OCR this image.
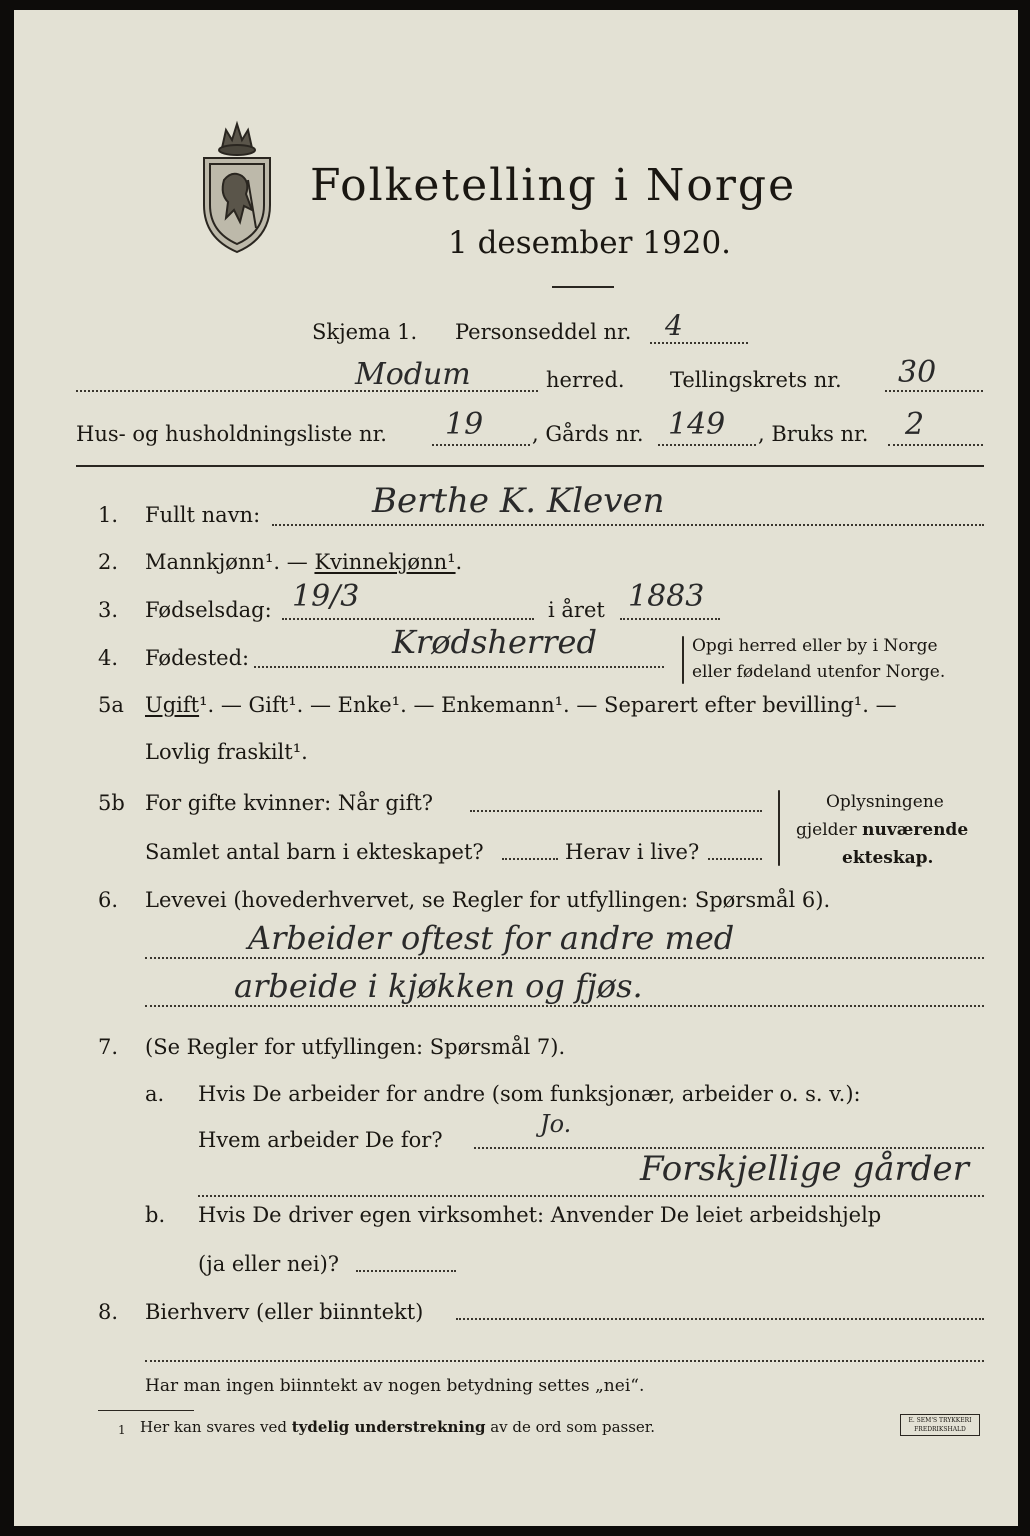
Folketelling i Norge
1 desember 1920.
Skjema 1. Personseddel nr. 4
Modum	herred. Tellingskrets nr. 30
Hus- og husholdningsliste nr. 19 , Gårds nr. 149 , Bruks nr. 2
1. Fullt navn:	Berthe K. Kleven
2. Mannkjønn¹. — Kvinnekjønn¹.
3. Fødselsdag: 19/3	i året 1883
4. Fødested:	Krødsherred	Opgi herred eller by i Norge
eller fødeland utenfor Norge.
5a Ugift¹. — Gift¹. — Enke¹. — Enkemann¹. — Separert efter bevilling¹. —
Lovlig fraskilt¹.
5b For gifte kvinner: Når gift?
Samlet antal barn i ekteskapet?	Herav i live?
Oplysningene
gjelder nuværende
ekteskap.
6. Levevei (hovederhvervet, se Regler for utfyllingen: Spørsmål 6).
Arbeider oftest for andre med
arbeide i kjøkken og fjøs.
7. (Se Regler for utfyllingen: Spørsmål 7).
a. Hvis De arbeider for andre (som funksjonær, arbeider o. s. v.):
Hvem arbeider De for?
Jo.
Forskjellige gårder
b. Hvis De driver egen virksomhet: Anvender De leiet arbeidshjelp
(ja eller nei)?
8. Bierhverv (eller biinntekt)
Har man ingen biinntekt av nogen betydning settes „nei“.
1 Her kan svares ved tydelig understrekning av de ord som passer.	E. SEM'S TRYKKERI
FREDRIKSHALD
